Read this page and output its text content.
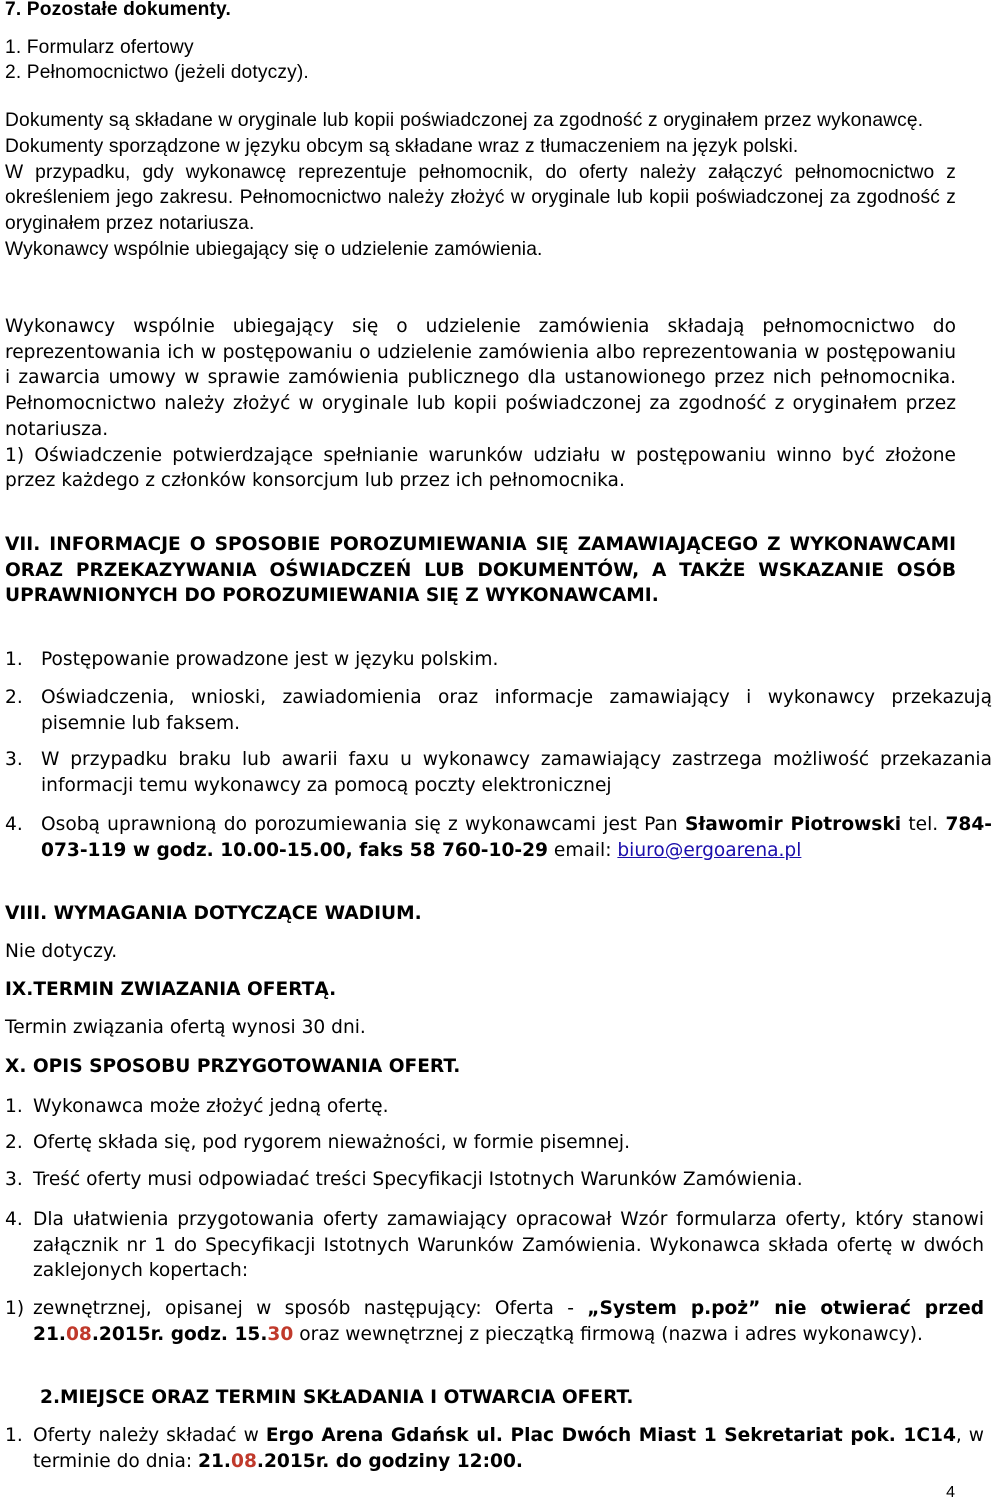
7. Pozostałe dokumenty.

1. Formularz ofertowy

2. Pełnomocnictwo (jeżeli dotyczy).

Dokumenty są składane w oryginale lub kopii poświadczonej za zgodność z oryginałem przez wykonawcę.

Dokumenty sporządzone w języku obcym są składane wraz z tłumaczeniem na język polski.

W przypadku, gdy wykonawcę reprezentuje pełnomocnik, do oferty należy załączyć pełnomocnictwo z określeniem jego zakresu. Pełnomocnictwo należy złożyć w oryginale lub kopii poświadczonej za zgodność z oryginałem przez notariusza.

Wykonawcy wspólnie ubiegający się o udzielenie zamówienia.

Wykonawcy wspólnie ubiegający się o udzielenie zamówienia składają pełnomocnictwo do reprezentowania ich w postępowaniu o udzielenie zamówienia albo reprezentowania w postępowaniu i zawarcia umowy w sprawie zamówienia publicznego dla ustanowionego przez nich pełnomocnika. Pełnomocnictwo należy złożyć w oryginale lub kopii poświadczonej za zgodność z oryginałem przez notariusza.

1) Oświadczenie potwierdzające spełnianie warunków udziału w postępowaniu winno być złożone przez każdego z członków konsorcjum lub przez ich pełnomocnika.

VII. INFORMACJE O SPOSOBIE POROZUMIEWANIA SIĘ ZAMAWIAJĄCEGO Z WYKONAWCAMI ORAZ PRZEKAZYWANIA OŚWIADCZEŃ LUB DOKUMENTÓW, A TAKŻE WSKAZANIE OSÓB UPRAWNIONYCH DO POROZUMIEWANIA SIĘ Z WYKONAWCAMI.

1. Postępowanie prowadzone jest w języku polskim.

2. Oświadczenia, wnioski, zawiadomienia oraz informacje zamawiający i wykonawcy przekazują pisemnie lub faksem.

3. W przypadku braku lub awarii faxu u wykonawcy zamawiający zastrzega możliwość przekazania informacji temu wykonawcy za pomocą poczty elektronicznej

4. Osobą uprawnioną do porozumiewania się z wykonawcami jest Pan Sławomir Piotrowski tel. 784-073-119 w godz. 10.00-15.00, faks 58 760-10-29 email: biuro@ergoarena.pl

VIII. WYMAGANIA DOTYCZĄCE WADIUM.

Nie dotyczy.

IX.TERMIN ZWIAZANIA OFERTĄ.

Termin związania ofertą wynosi 30 dni.

X. OPIS SPOSOBU PRZYGOTOWANIA OFERT.

1. Wykonawca może złożyć jedną ofertę.

2. Ofertę składa się, pod rygorem nieważności, w formie pisemnej.

3. Treść oferty musi odpowiadać treści Specyfikacji Istotnych Warunków Zamówienia.

4. Dla ułatwienia przygotowania oferty zamawiający opracował Wzór formularza oferty, który stanowi załącznik nr 1 do Specyfikacji Istotnych Warunków Zamówienia. Wykonawca składa ofertę w dwóch zaklejonych kopertach:

1) zewnętrznej, opisanej w sposób następujący: Oferta - „System p.poż” nie otwierać przed 21.08.2015r. godz. 15.30 oraz wewnętrznej z pieczątką firmową (nazwa i adres wykonawcy).

2.MIEJSCE ORAZ TERMIN SKŁADANIA I OTWARCIA OFERT.

1. Oferty należy składać w Ergo Arena Gdańsk ul. Plac Dwóch Miast 1 Sekretariat pok. 1C14, w terminie do dnia: 21.08.2015r. do godziny 12:00.

4
